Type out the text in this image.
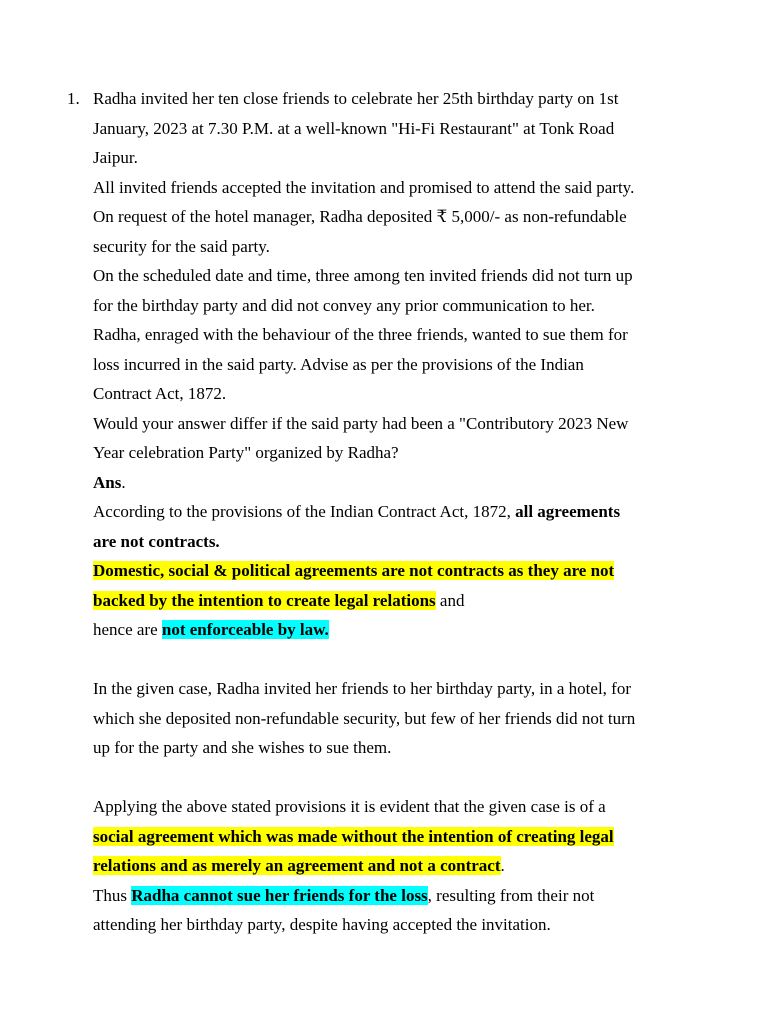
1. Radha invited her ten close friends to celebrate her 25th birthday party on 1st
January, 2023 at 7.30 P.M. at a well-known "Hi-Fi Restaurant" at Tonk Road
Jaipur.
All invited friends accepted the invitation and promised to attend the said party.
On request of the hotel manager, Radha deposited ₹ 5,000/- as non-refundable
security for the said party.
On the scheduled date and time, three among ten invited friends did not turn up
for the birthday party and did not convey any prior communication to her.
Radha, enraged with the behaviour of the three friends, wanted to sue them for
loss incurred in the said party. Advise as per the provisions of the Indian
Contract Act, 1872.
Would your answer differ if the said party had been a "Contributory 2023 New
Year celebration Party" organized by Radha?
Ans.
According to the provisions of the Indian Contract Act, 1872, all agreements
are not contracts.
Domestic, social & political agreements are not contracts as they are not
backed by the intention to create legal relations and
hence are not enforceable by law.
In the given case, Radha invited her friends to her birthday party, in a hotel, for
which she deposited non-refundable security, but few of her friends did not turn
up for the party and she wishes to sue them.
Applying the above stated provisions it is evident that the given case is of a
social agreement which was made without the intention of creating legal
relations and as merely an agreement and not a contract.
Thus Radha cannot sue her friends for the loss, resulting from their not
attending her birthday party, despite having accepted the invitation.
